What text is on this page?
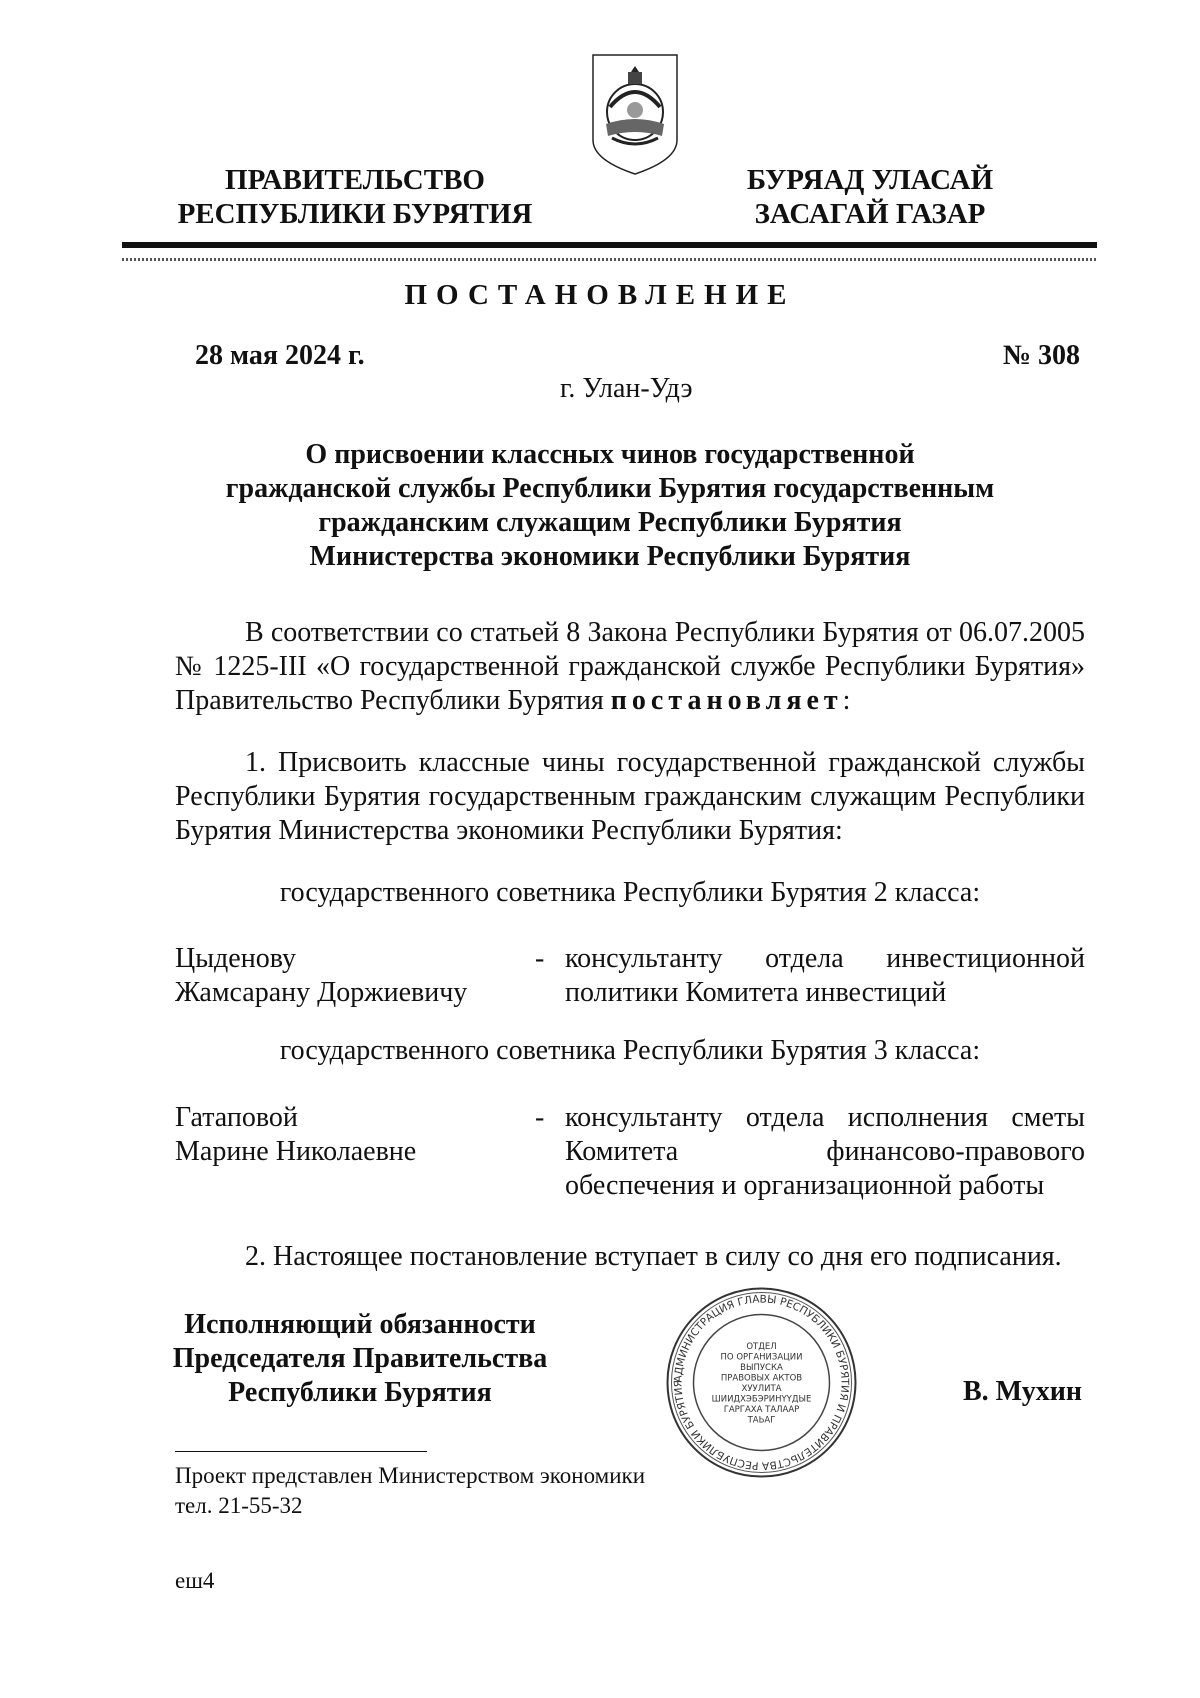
ПРАВИТЕЛЬСТВО
РЕСПУБЛИКИ БУРЯТИЯ
БУРЯАД УЛАСАЙ
ЗАСАГАЙ ГАЗАР
ПОСТАНОВЛЕНИЕ
28 мая 2024 г.	№ 308
г. Улан-Удэ
О присвоении классных чинов государственной
гражданской службы Республики Бурятия государственным
гражданским служащим Республики Бурятия
Министерства экономики Республики Бурятия
В соответствии со статьей 8 Закона Республики Бурятия от 06.07.2005 № 1225-III «О государственной гражданской службе Республики Бурятия» Правительство Республики Бурятия постановляет:
1. Присвоить классные чины государственной гражданской службы Республики Бурятия государственным гражданским служащим Республики Бурятия Министерства экономики Республики Бурятия:
государственного советника Республики Бурятия 2 класса:
Цыденову
Жамсарану Доржиевичу
- консультанту отдела инвестиционной политики Комитета инвестиций
государственного советника Республики Бурятия 3 класса:
Гатаповой
Марине Николаевне
- консультанту отдела исполнения сметы Комитета финансово-правового обеспечения и организационной работы
2. Настоящее постановление вступает в силу со дня его подписания.
Исполняющий обязанности
Председателя Правительства
Республики Бурятия	АДМИНИСТРАЦИЯ ГЛАВЫ РЕСПУБЛИКИ БУРЯТИЯ И ПРАВИТЕЛЬСТВА РЕСПУБЛИКИ БУРЯТИЯ
ОТДЕЛ
ПО ОРГАНИЗАЦИИ
ВЫПУСКА
ПРАВОВЫХ АКТОВ
ХУУЛИТА
ШИИДХЭБЭРИНҮҮДЫЕ
ГАРГАХА ТАЛААР
ТАЬАГ
В. Мухин
Проект представлен Министерством экономики
тел. 21-55-32
еш4
